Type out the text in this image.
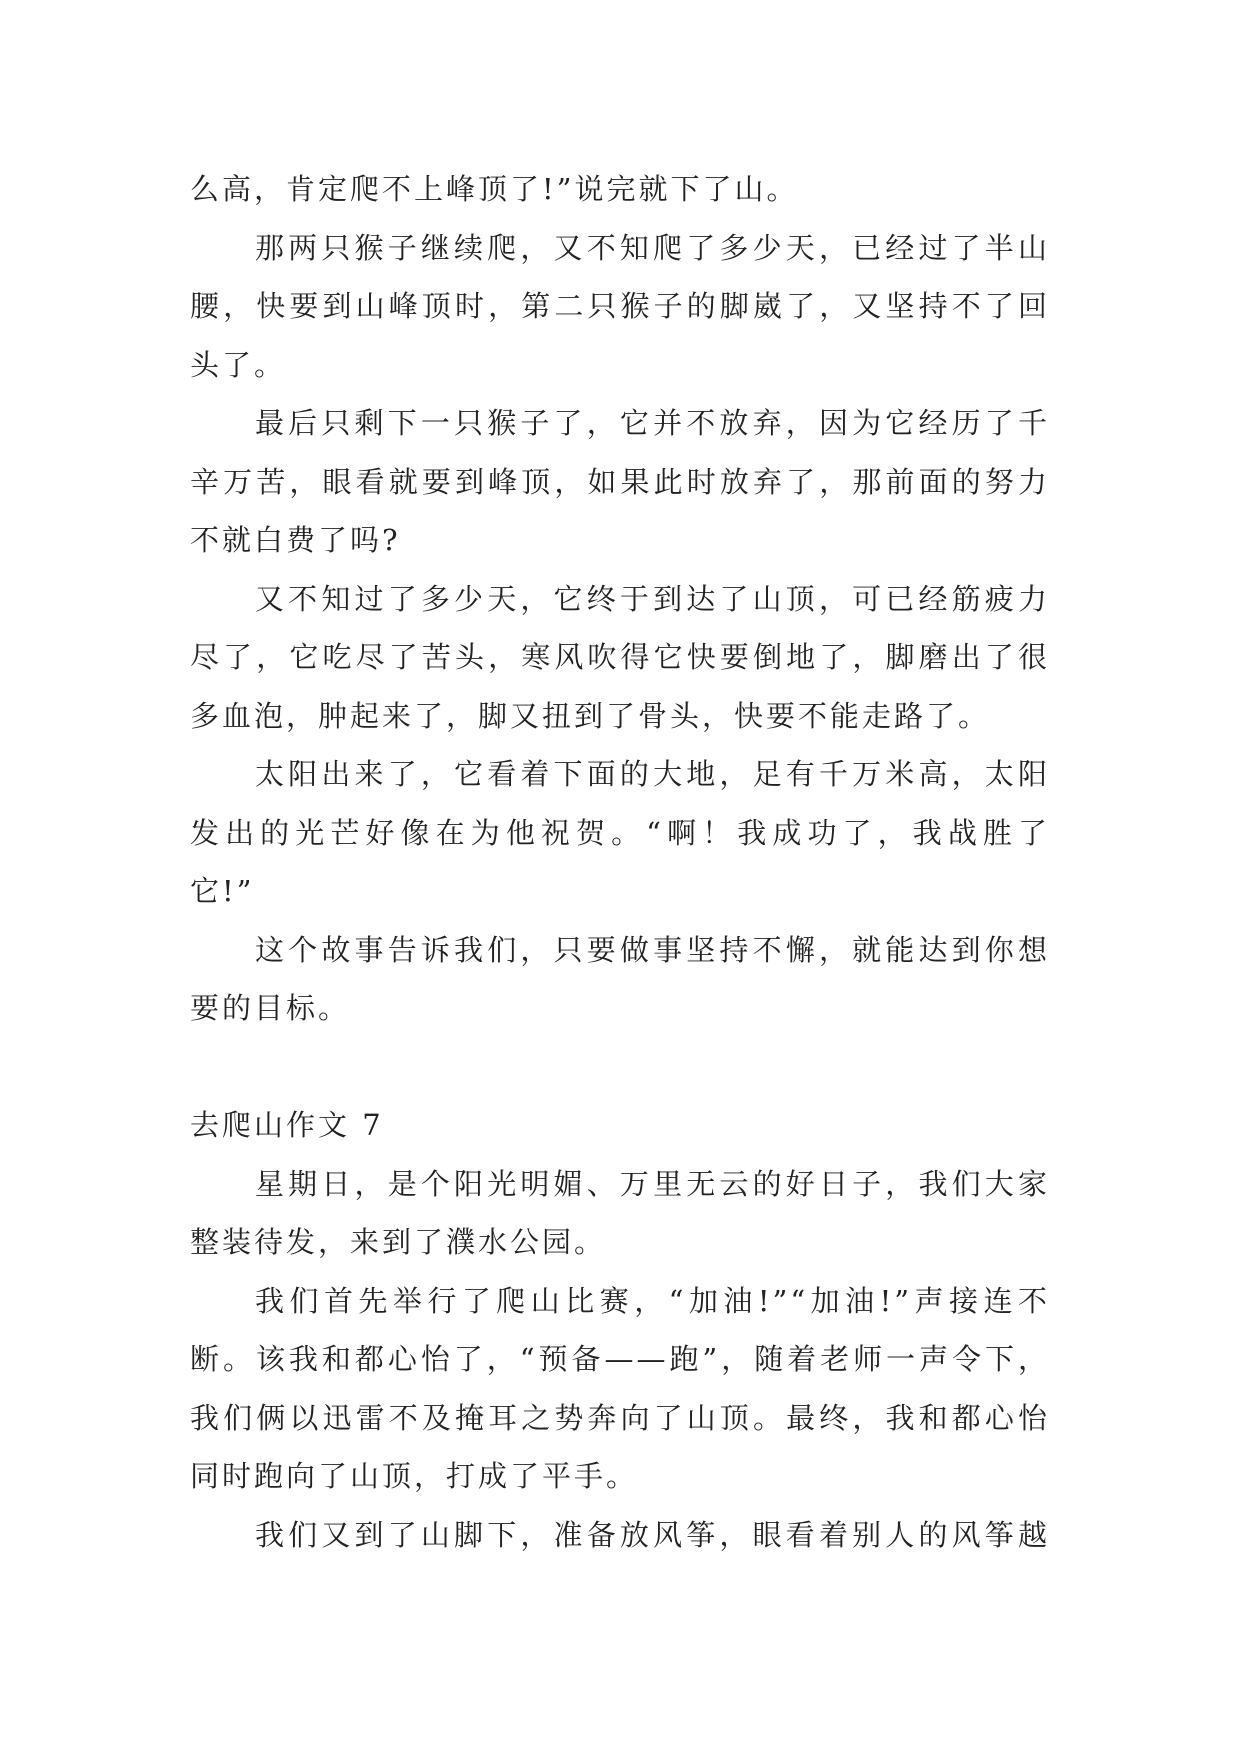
么高，肯定爬不上峰顶了!”说完就下了山。
那两只猴子继续爬，又不知爬了多少天，已经过了半山
腰，快要到山峰顶时，第二只猴子的脚崴了，又坚持不了回
头了。
最后只剩下一只猴子了，它并不放弃，因为它经历了千
辛万苦，眼看就要到峰顶，如果此时放弃了，那前面的努力
不就白费了吗?
又不知过了多少天，它终于到达了山顶，可已经筋疲力
尽了，它吃尽了苦头，寒风吹得它快要倒地了，脚磨出了很
多血泡，肿起来了，脚又扭到了骨头，快要不能走路了。
太阳出来了，它看着下面的大地，足有千万米高，太阳
发出的光芒好像在为他祝贺。“啊！我成功了，我战胜了
它!”
这个故事告诉我们，只要做事坚持不懈，就能达到你想
要的目标。
去爬山作文 7
星期日，是个阳光明媚、万里无云的好日子，我们大家
整装待发，来到了濮水公园。
我们首先举行了爬山比赛，“加油!”“加油!”声接连不
断。该我和都心怡了，“预备——跑”，随着老师一声令下，
我们俩以迅雷不及掩耳之势奔向了山顶。最终，我和都心怡
同时跑向了山顶，打成了平手。
我们又到了山脚下，准备放风筝，眼看着别人的风筝越
